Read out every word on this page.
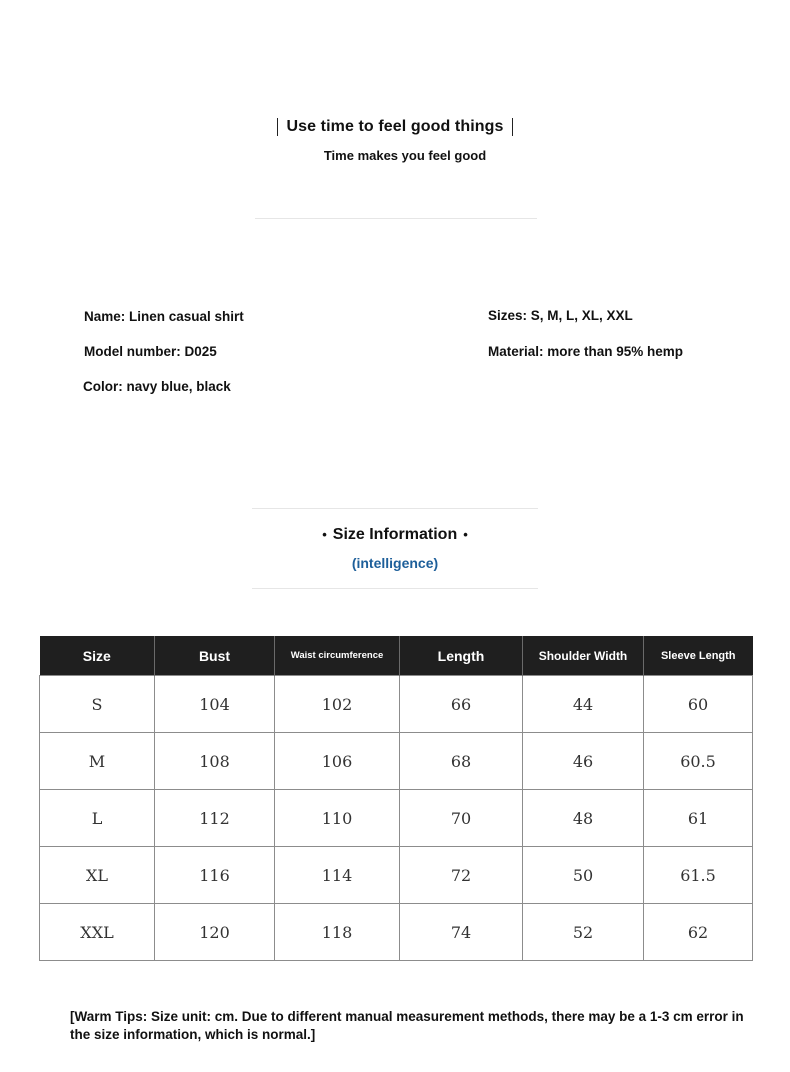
Use time to feel good things
Time makes you feel good
Name: Linen casual shirt
Model number: D025
Color: navy blue, black
Sizes: S, M, L, XL, XXL
Material: more than 95% hemp
• Size Information •
(intelligence)
Size	Bust	Waist circumference	Length	Shoulder Width	Sleeve Length
S	104	102	66	44	60
M	108	106	68	46	60.5
L	112	110	70	48	61
XL	116	114	72	50	61.5
XXL	120	118	74	52	62
[Warm Tips: Size unit: cm. Due to different manual measurement methods, there may be a 1-3 cm error in the size information, which is normal.]
